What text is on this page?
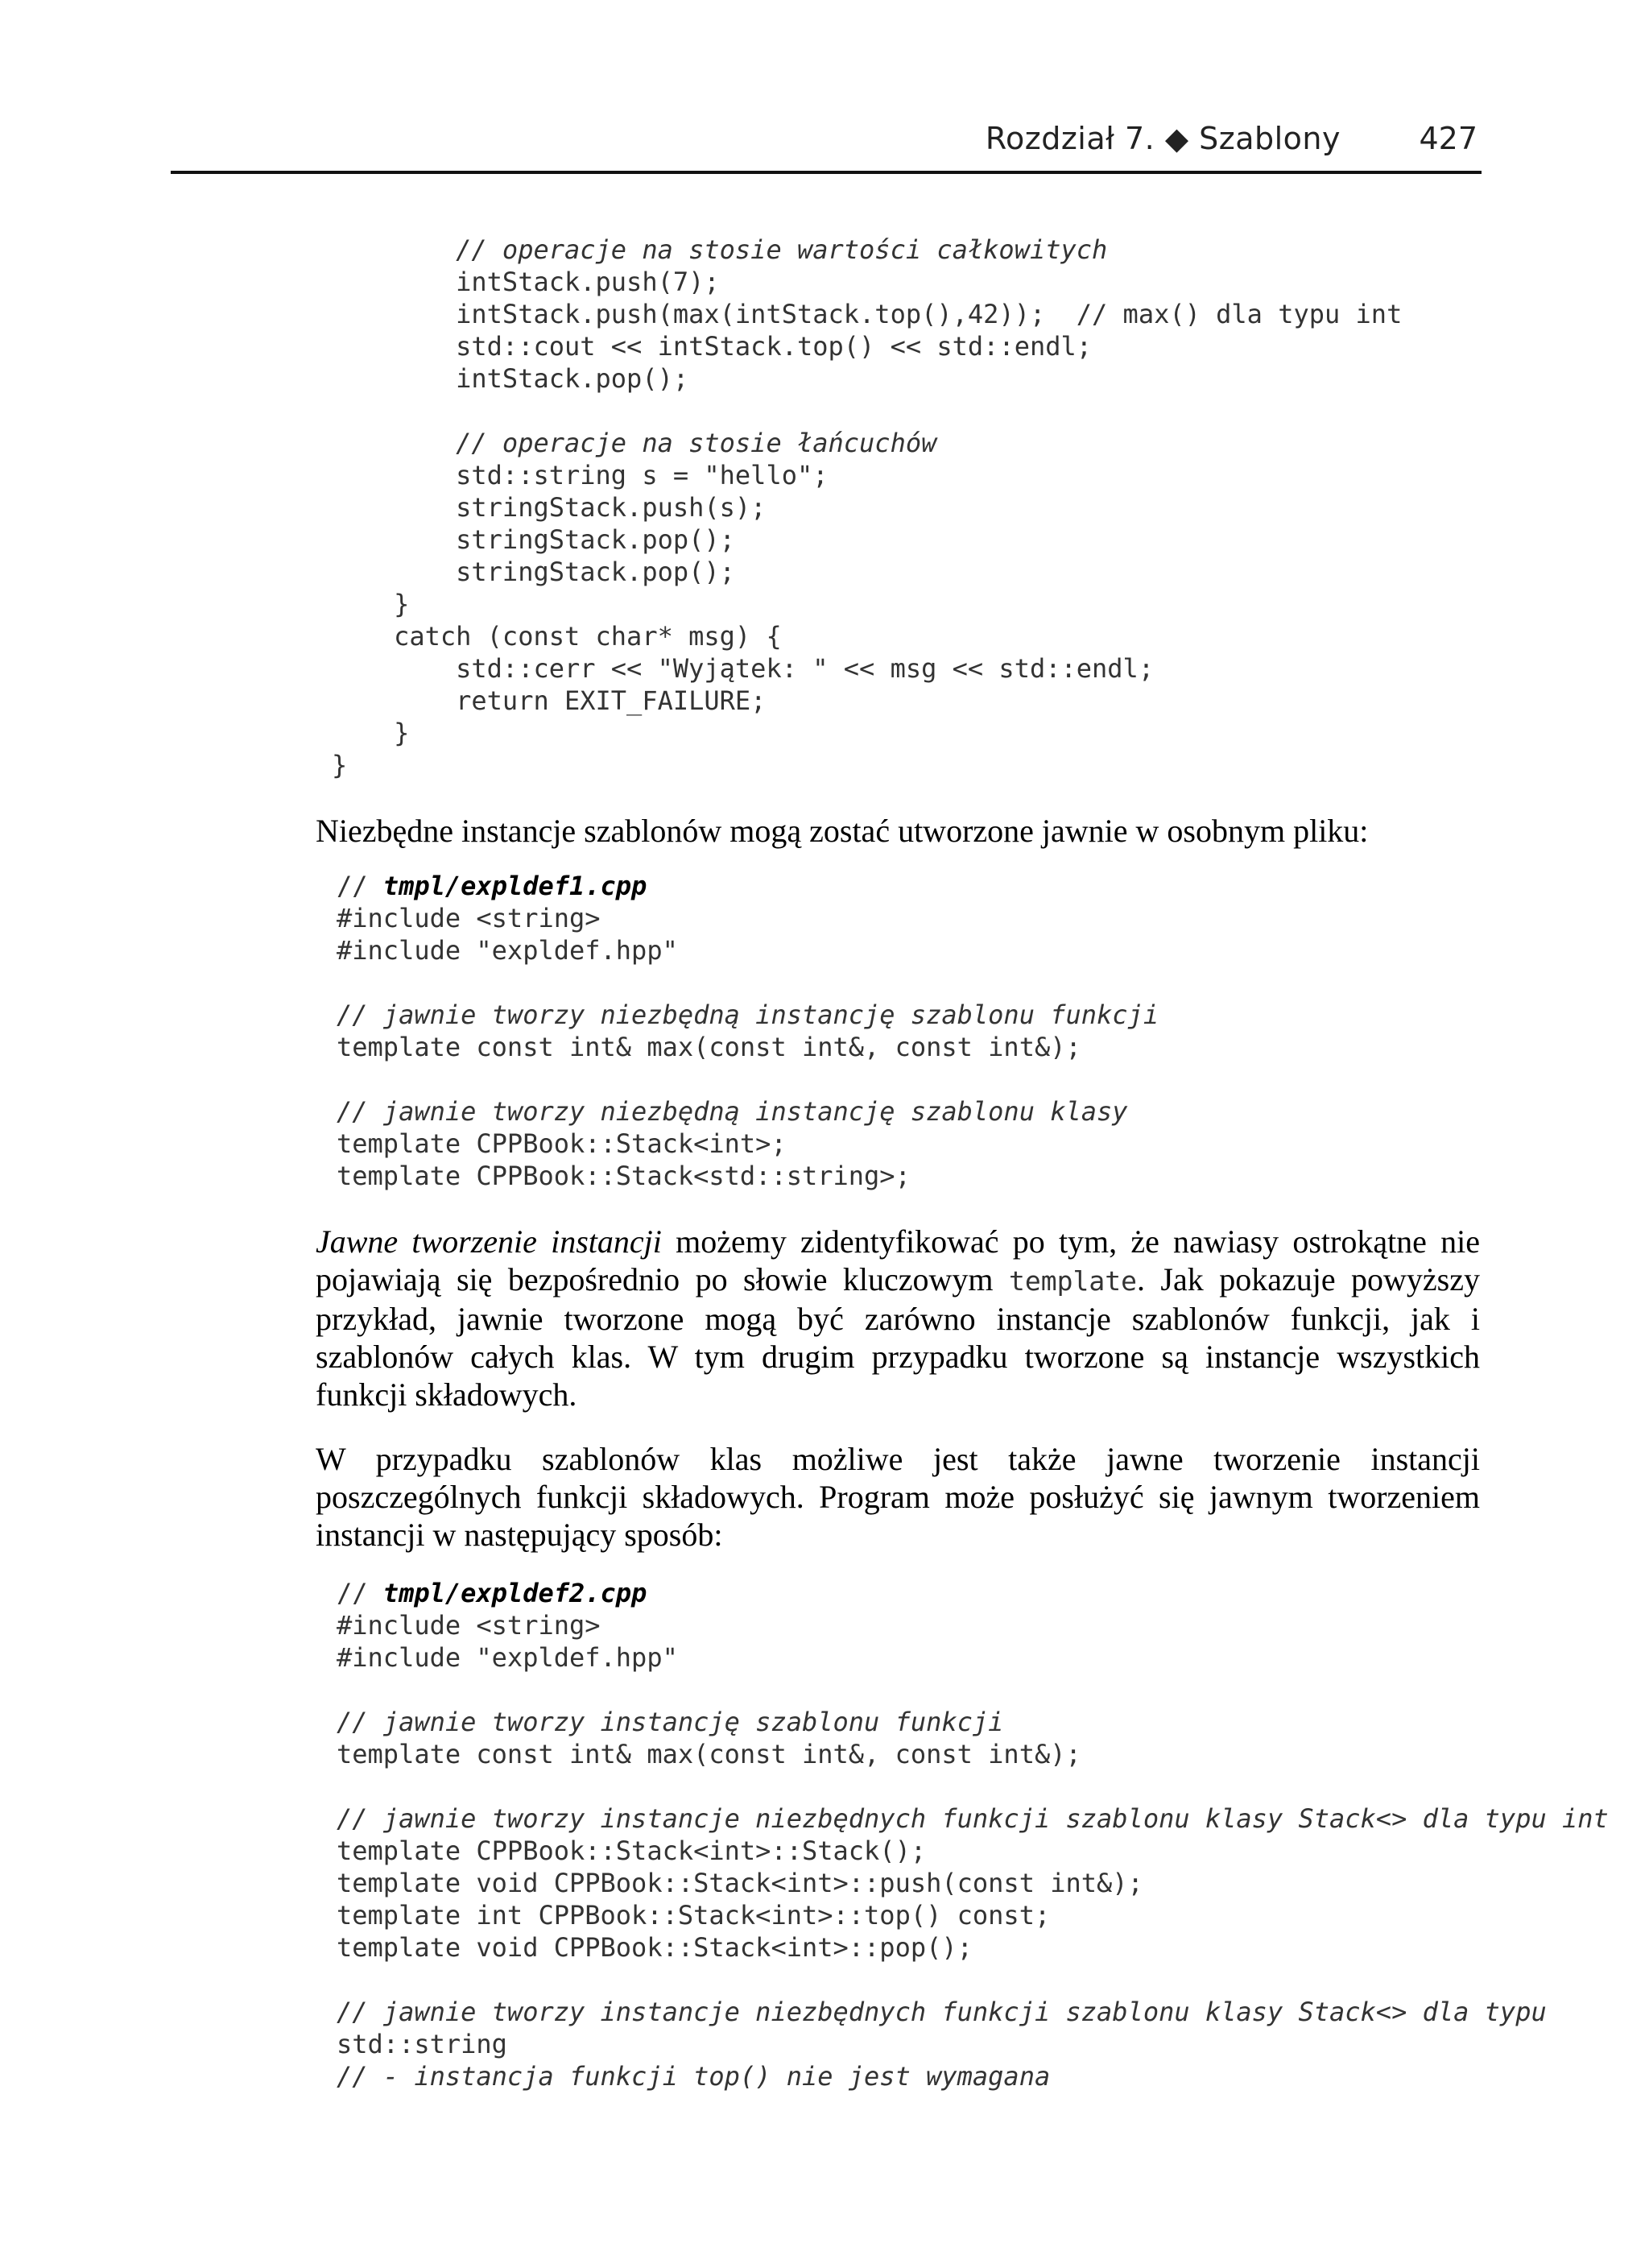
Rozdział 7. ◆ Szablony	427
// operacje na stosie wartości całkowitych
intStack.push(7);
intStack.push(max(intStack.top(),42));  // max() dla typu int
std::cout << intStack.top() << std::endl;
intStack.pop();
// operacje na stosie łańcuchów
std::string s = "hello";
stringStack.push(s);
stringStack.pop();
stringStack.pop();
}
catch (const char* msg) {
std::cerr << "Wyjątek: " << msg << std::endl;
return EXIT_FAILURE;
}
}

Niezbędne instancje szablonów mogą zostać utworzone jawnie w osobnym pliku:

// tmpl/expldef1.cpp
#include <string>
#include "expldef.hpp"
// jawnie tworzy niezbędną instancję szablonu funkcji
template const int& max(const int&, const int&);
// jawnie tworzy niezbędną instancję szablonu klasy
template CPPBook::Stack<int>;
template CPPBook::Stack<std::string>;

Jawne tworzenie instancji możemy zidentyfikować po tym, że nawiasy ostrokątne nie pojawiają się bezpośrednio po słowie kluczowym template. Jak pokazuje powyższy przykład, jawnie tworzone mogą być zarówno instancje szablonów funkcji, jak i szablonów całych klas. W tym drugim przypadku tworzone są instancje wszystkich funkcji składowych.

W przypadku szablonów klas możliwe jest także jawne tworzenie instancji poszczególnych funkcji składowych. Program może posłużyć się jawnym tworzeniem instancji w następujący sposób:

// tmpl/expldef2.cpp
#include <string>
#include "expldef.hpp"
// jawnie tworzy instancję szablonu funkcji
template const int& max(const int&, const int&);
// jawnie tworzy instancje niezbędnych funkcji szablonu klasy Stack<> dla typu int
template CPPBook::Stack<int>::Stack();
template void CPPBook::Stack<int>::push(const int&);
template int CPPBook::Stack<int>::top() const;
template void CPPBook::Stack<int>::pop();
// jawnie tworzy instancje niezbędnych funkcji szablonu klasy Stack<> dla typu
std::string
// - instancja funkcji top() nie jest wymagana
